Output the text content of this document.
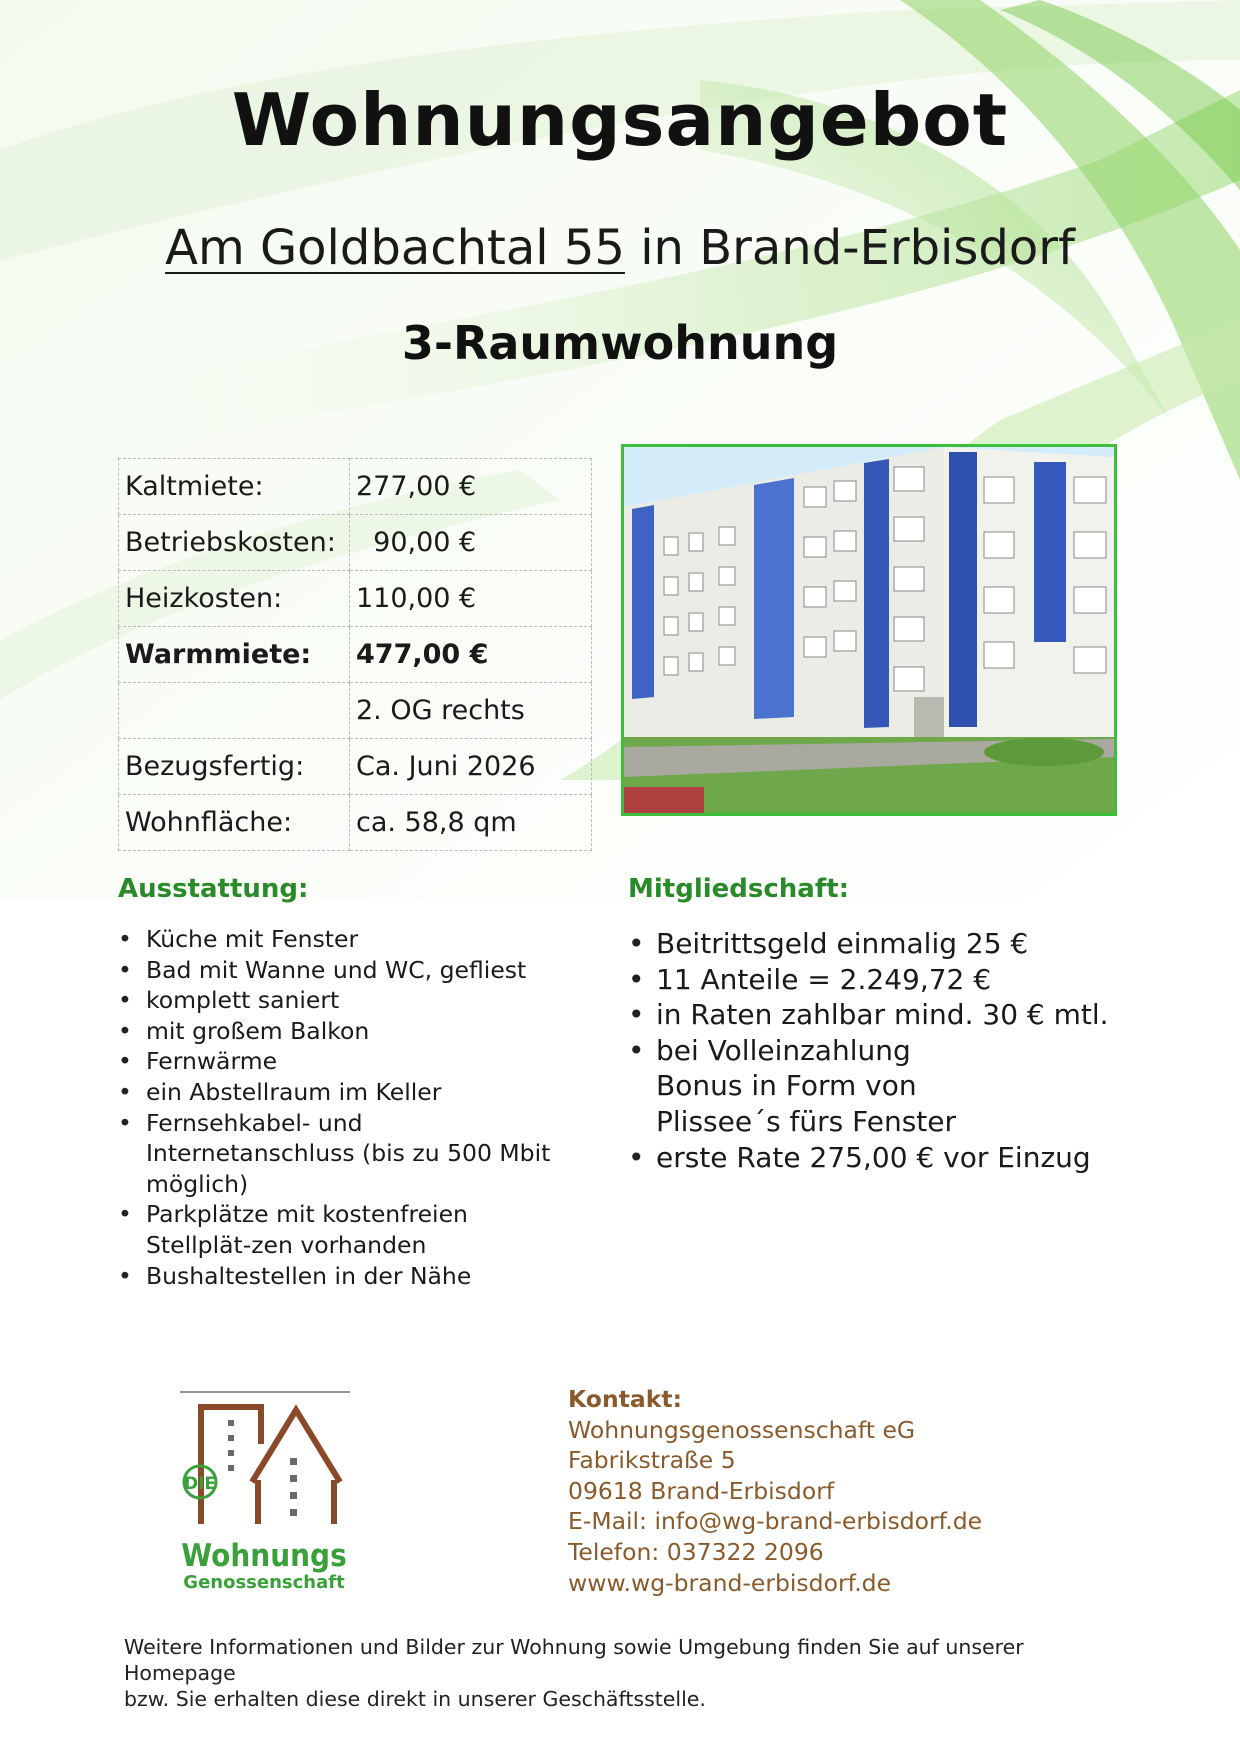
Wohnungsangebot
Am Goldbachtal 55 in Brand-Erbisdorf
3-Raumwohnung
Kaltmiete:	277,00 €
Betriebskosten:	90,00 €
Heizkosten:	110,00 €
Warmmiete:	477,00 €
	2. OG rechts
Bezugsfertig:	Ca. Juni 2026
Wohnfläche:	ca. 58,8 qm
Ausstattung:
• Küche mit Fenster
• Bad mit Wanne und WC, gefliest
• komplett saniert
• mit großem Balkon
• Fernwärme
• ein Abstellraum im Keller
• Fernsehkabel- und Internetanschluss (bis zu 500 Mbit möglich)
• Parkplätze mit kostenfreien Stellplät-zen vorhanden
• Bushaltestellen in der Nähe
Mitgliedschaft:
• Beitrittsgeld einmalig 25 €
• 11 Anteile = 2.249,72 €
• in Raten zahlbar mind. 30 € mtl.
• bei Volleinzahlung Bonus in Form von Plissee´s fürs Fenster
• erste Rate 275,00 € vor Einzug
DIE
Wohnungs
Genossenschaft
Kontakt:
Wohnungsgenossenschaft eG
Fabrikstraße 5
09618 Brand-Erbisdorf
E-Mail: info@wg-brand-erbisdorf.de
Telefon: 037322 2096
www.wg-brand-erbisdorf.de
Weitere Informationen und Bilder zur Wohnung sowie Umgebung finden Sie auf unserer Homepage
bzw. Sie erhalten diese direkt in unserer Geschäftsstelle.
